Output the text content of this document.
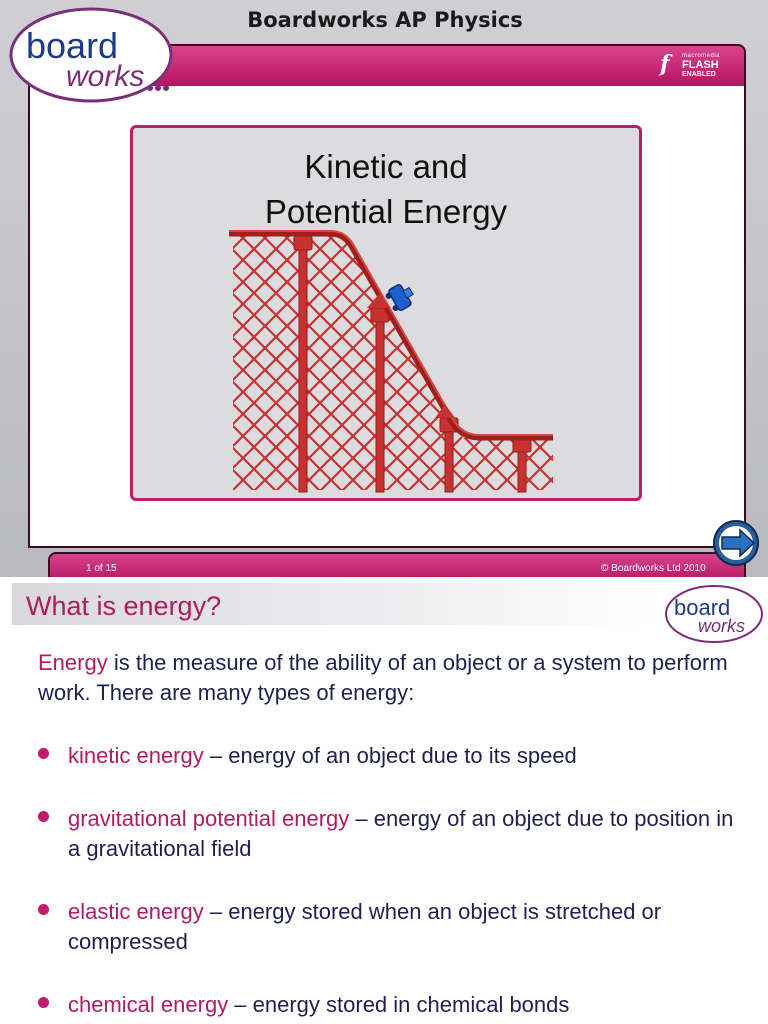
Boardworks AP Physics
f macromedia
FLASH
ENABLED
Kinetic and
Potential Energy
board
works
1 of 15	© Boardworks Ltd 2010
What is energy?	board
works
Energy is the measure of the ability of an object or a system to perform work. There are many types of energy:
kinetic energy – energy of an object due to its speed
gravitational potential energy – energy of an object due to position in a gravitational field
elastic energy – energy stored when an object is stretched or compressed
chemical energy – energy stored in chemical bonds
